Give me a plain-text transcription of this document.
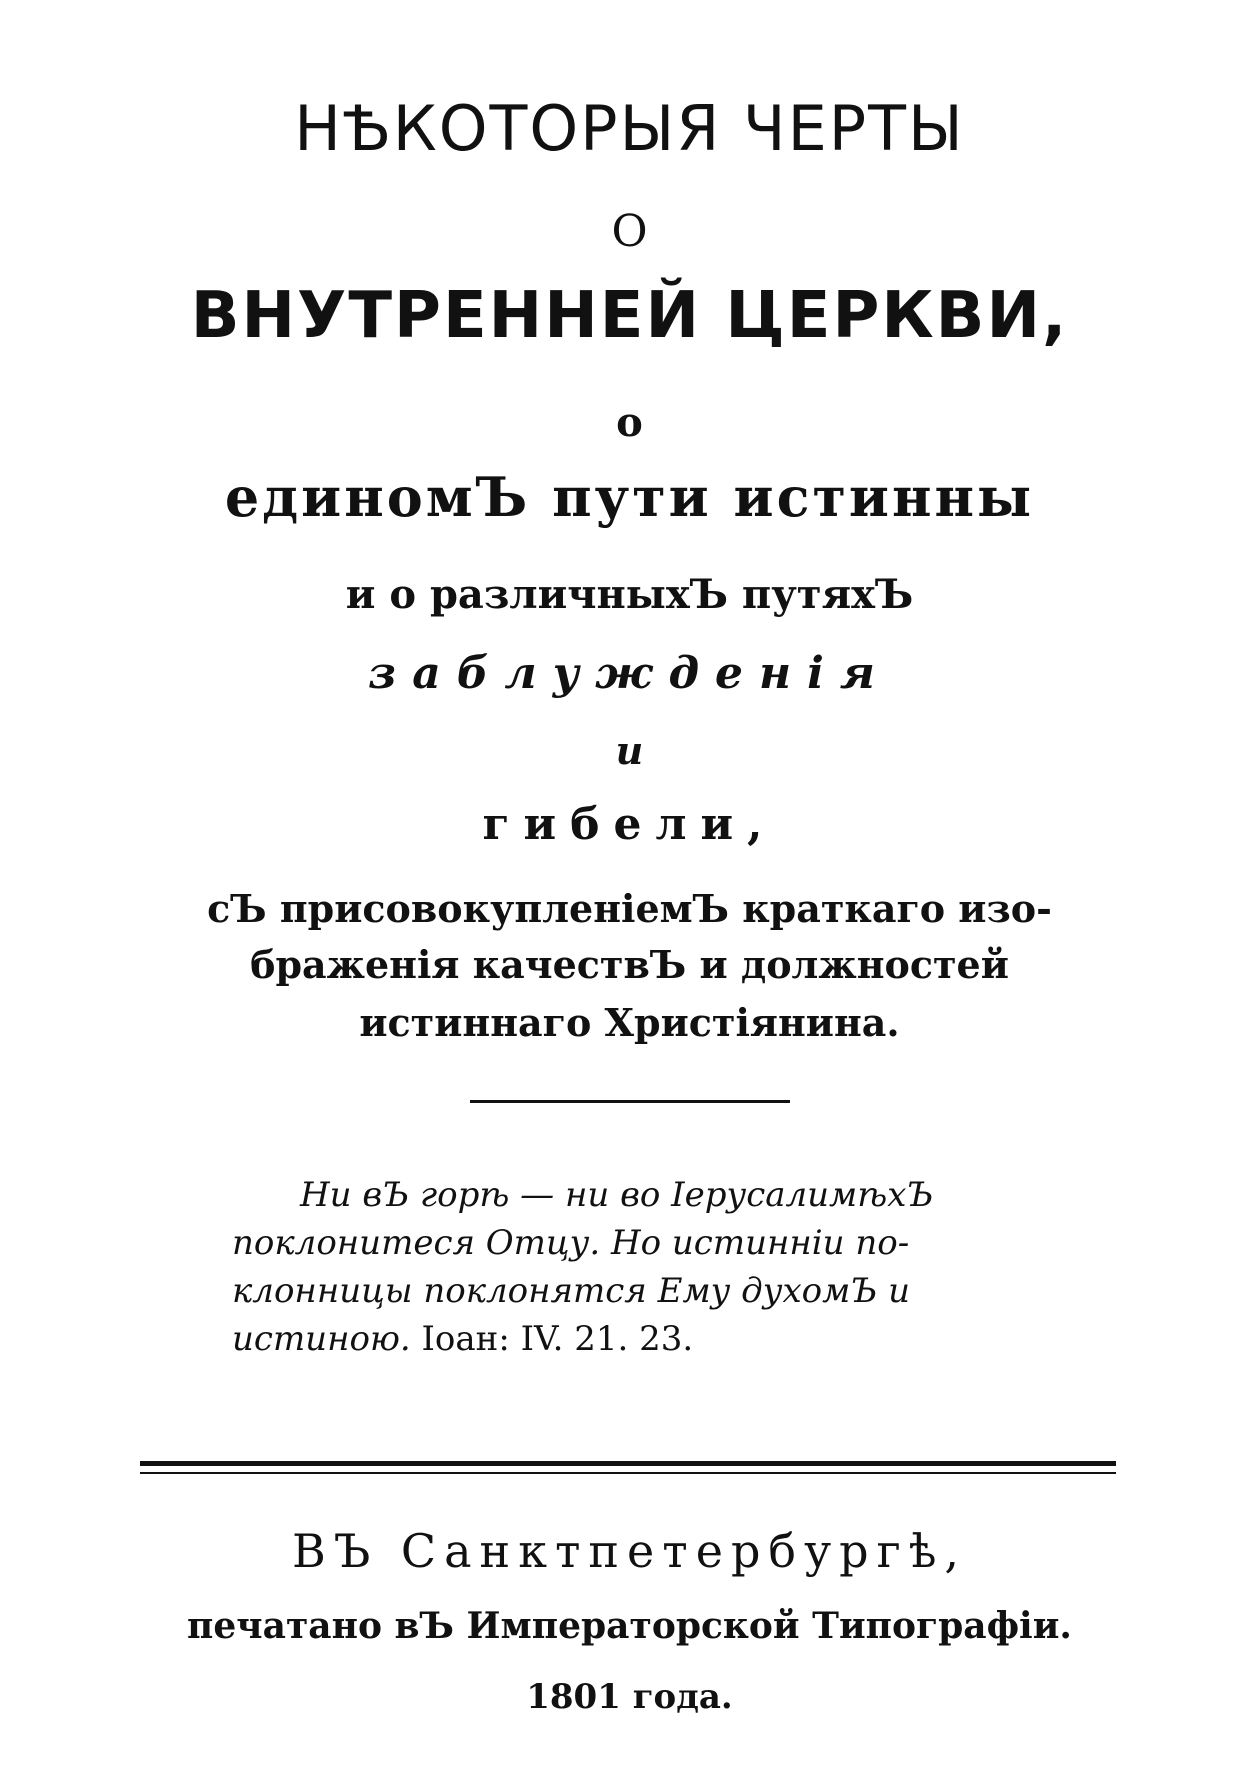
НѢКОТОРЫЯ ЧЕРТЫ
О
ВНУТРЕННЕЙ ЦЕРКВИ,
о
единомЪ пути истинны
и о различныхЪ путяхЪ
заблужденія
и
гибели,
сЪ присовокупленіемЪ краткаго изо-
браженія качествЪ и должностей
истиннаго Христіянина.
Ни вЪ горѣ — ни во ІерусалимѣхЪ
поклонитеся Отцу. Но истинніи по-
клонницы поклонятся Ему духомЪ и
истиною. Іоан: IV. 21. 23.
ВЪ Санктпетербургѣ,
печатано вЪ Императорской Типографіи.
1801 года.
